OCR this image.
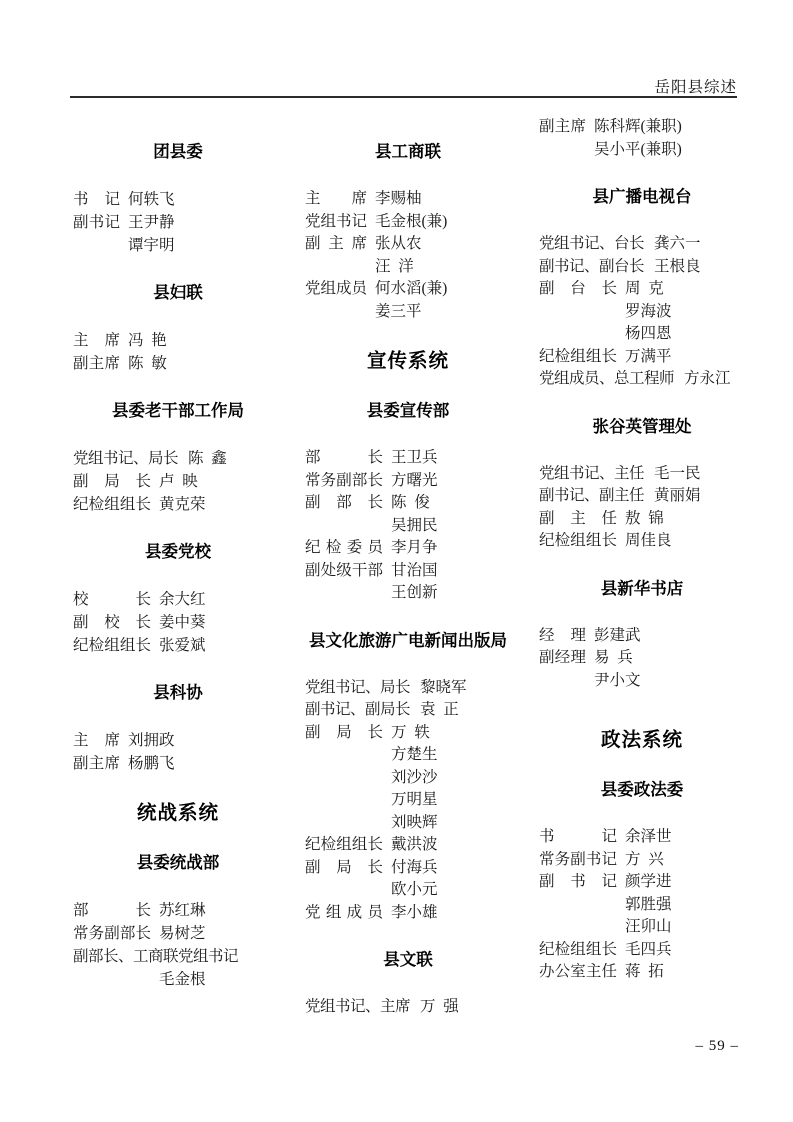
岳阳县综述
团县委
书记 何轶飞
副书记 王尹静
谭宇明
县妇联
主席 冯 艳
副主席 陈 敏
县委老干部工作局
党组书记、局长 陈 鑫
副局长 卢 映
纪检组组长 黄克荣
县委党校
校长 余大红
副校长 姜中葵
纪检组组长 张爱斌
县科协
主席 刘拥政
副主席 杨鹏飞
统战系统
县委统战部
部长 苏红琳
常务副部长 易树芝
副部长、工商联党组书记
毛金根
县工商联
主席 李赐柚
党组书记 毛金根(兼)
副主席 张从农
汪 洋
党组成员 何水滔(兼)
姜三平
宣传系统
县委宣传部
部长 王卫兵
常务副部长 方曙光
副部长 陈 俊
吴拥民
纪检委员 李月争
副处级干部 甘治国
王创新
县文化旅游广电新闻出版局
党组书记、局长 黎晓军
副书记、副局长 袁 正
副局长 万 轶
方楚生
刘沙沙
万明星
刘映辉
纪检组组长 戴洪波
副局长 付海兵
欧小元
党组成员 李小雄
县文联
党组书记、主席 万 强
副主席 陈科辉(兼职)
吴小平(兼职)
县广播电视台
党组书记、台长 龚六一
副书记、副台长 王根良
副台长 周 克
罗海波
杨四恩
纪检组组长 万满平
党组成员、总工程师 方永江
张谷英管理处
党组书记、主任 毛一民
副书记、副主任 黄丽娟
副主任 敖 锦
纪检组组长 周佳良
县新华书店
经理 彭建武
副经理 易 兵
尹小文
政法系统
县委政法委
书记 余泽世
常务副书记 方 兴
副书记 颜学进
郭胜强
汪卯山
纪检组组长 毛四兵
办公室主任 蒋 拓
– 59 –
